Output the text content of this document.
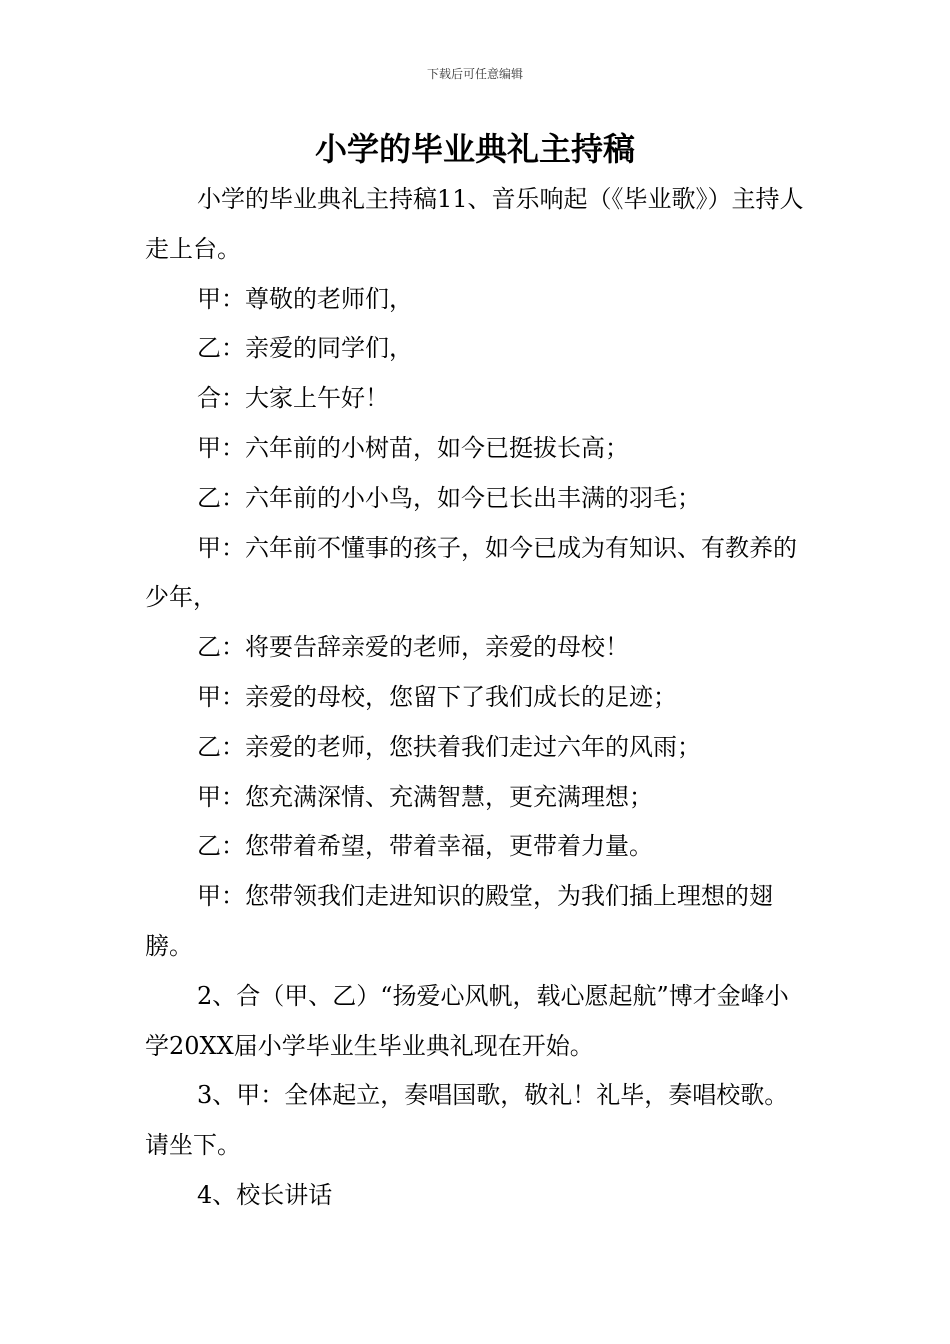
下载后可任意编辑
小学的毕业典礼主持稿

小学的毕业典礼主持稿11、音乐响起（《毕业歌》）主持人走上台。

甲：尊敬的老师们，

乙：亲爱的同学们，

合：大家上午好！

甲：六年前的小树苗，如今已挺拔长高；

乙：六年前的小小鸟，如今已长出丰满的羽毛；

甲：六年前不懂事的孩子，如今已成为有知识、有教养的少年，

乙：将要告辞亲爱的老师，亲爱的母校！

甲：亲爱的母校，您留下了我们成长的足迹；

乙：亲爱的老师，您扶着我们走过六年的风雨；

甲：您充满深情、充满智慧，更充满理想；

乙：您带着希望，带着幸福，更带着力量。

甲：您带领我们走进知识的殿堂，为我们插上理想的翅膀。

2、合（甲、乙）“扬爱心风帆，载心愿起航”博才金峰小学20XX届小学毕业生毕业典礼现在开始。

3、甲：全体起立，奏唱国歌，敬礼！礼毕，奏唱校歌。请坐下。

4、校长讲话
